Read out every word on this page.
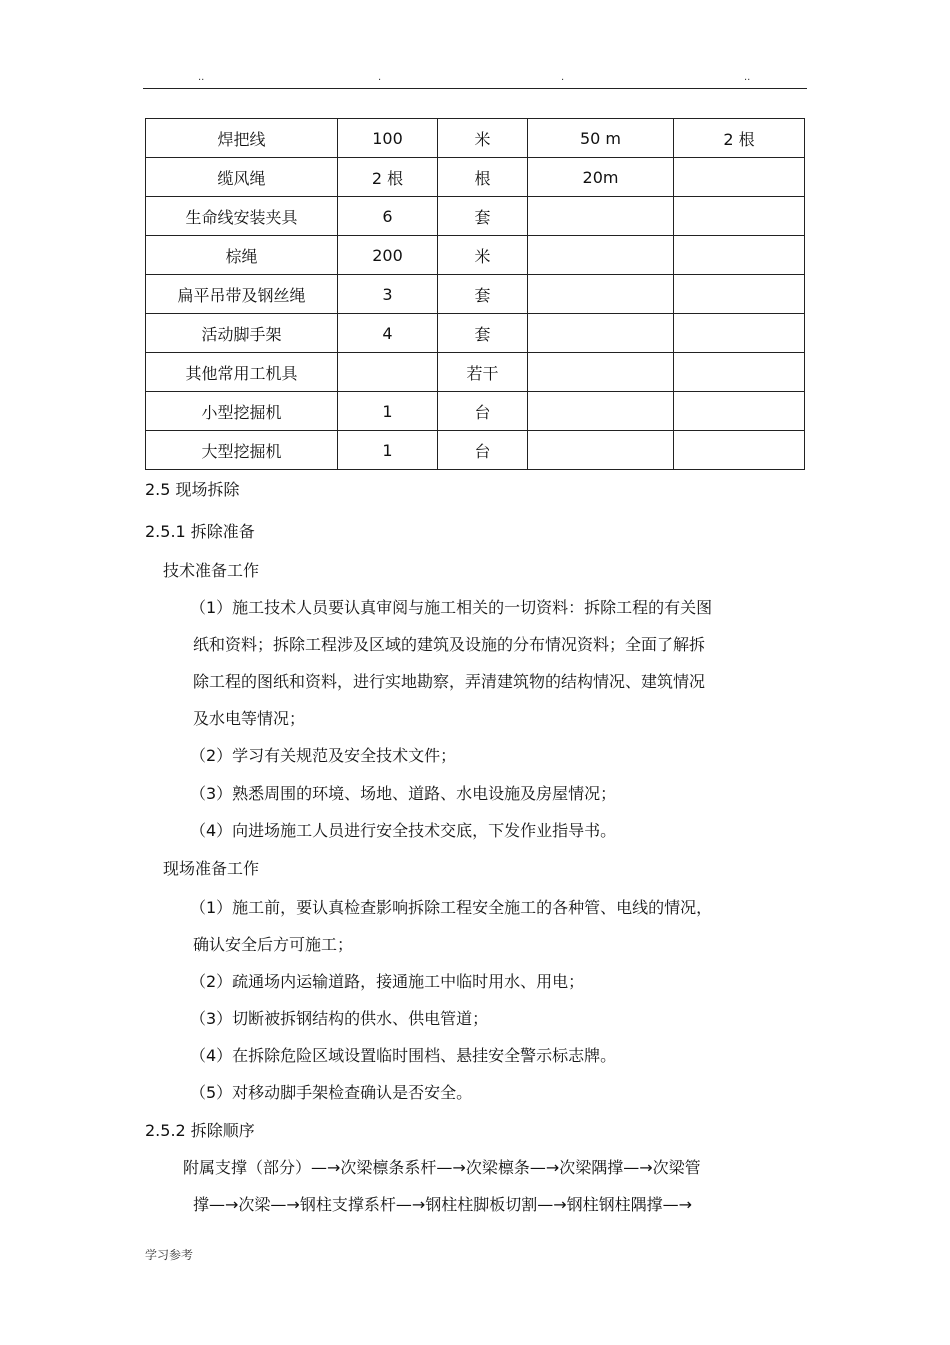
..	.	.	..
焊把线	100	米	50 m	2 根
缆风绳	2 根	根	20m	
生命线安装夹具	6	套		
棕绳	200	米		
扁平吊带及钢丝绳	3	套		
活动脚手架	4	套		
其他常用工机具		若干		
小型挖掘机	1	台		
大型挖掘机	1	台		
2.5 现场拆除
2.5.1 拆除准备
技术准备工作
（1）施工技术人员要认真审阅与施工相关的一切资料：拆除工程的有关图
纸和资料；拆除工程涉及区域的建筑及设施的分布情况资料；全面了解拆
除工程的图纸和资料，进行实地勘察，弄清建筑物的结构情况、建筑情况
及水电等情况；
（2）学习有关规范及安全技术文件；
（3）熟悉周围的环境、场地、道路、水电设施及房屋情况；
（4）向进场施工人员进行安全技术交底，下发作业指导书。
现场准备工作
（1）施工前，要认真检查影响拆除工程安全施工的各种管、电线的情况，
确认安全后方可施工；
（2）疏通场内运输道路，接通施工中临时用水、用电；
（3）切断被拆钢结构的供水、供电管道；
（4）在拆除危险区域设置临时围档、悬挂安全警示标志牌。
（5）对移动脚手架检查确认是否安全。
2.5.2 拆除顺序
附属支撑（部分）—→次梁檩条系杆—→次梁檩条—→次梁隅撑—→次梁管
撑—→次梁—→钢柱支撑系杆—→钢柱柱脚板切割—→钢柱钢柱隅撑—→
学习参考
